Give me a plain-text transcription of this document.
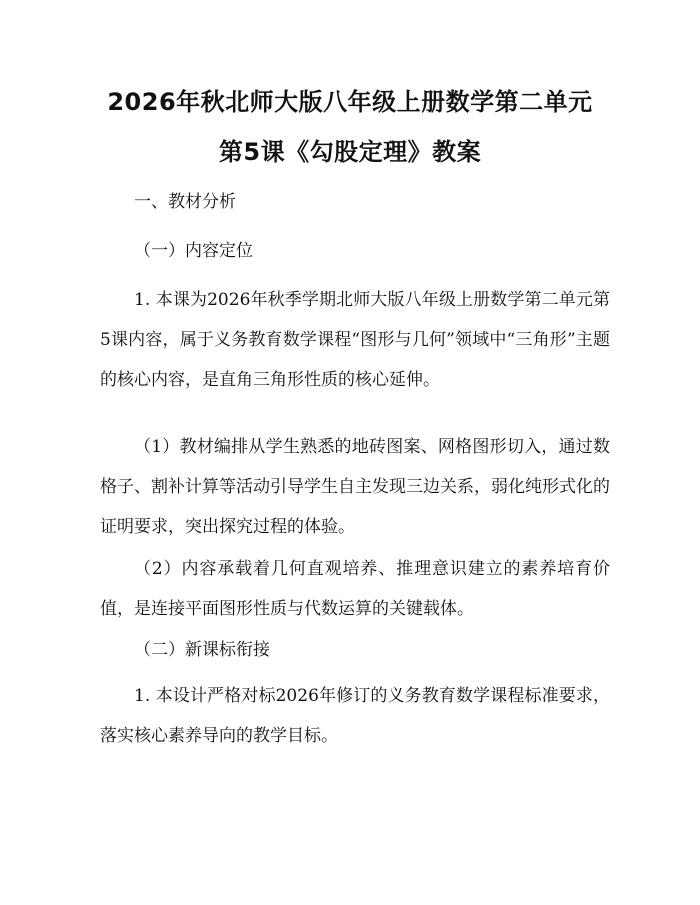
2026年秋北师大版八年级上册数学第二单元
第5课《勾股定理》教案
一、教材分析
（一）内容定位
1. 本课为2026年秋季学期北师大版八年级上册数学第二单元第5课内容，属于义务教育数学课程“图形与几何”领域中“三角形”主题的核心内容，是直角三角形性质的核心延伸。
（1）教材编排从学生熟悉的地砖图案、网格图形切入，通过数格子、割补计算等活动引导学生自主发现三边关系，弱化纯形式化的证明要求，突出探究过程的体验。
（2）内容承载着几何直观培养、推理意识建立的素养培育价值，是连接平面图形性质与代数运算的关键载体。
（二）新课标衔接
1. 本设计严格对标2026年修订的义务教育数学课程标准要求，落实核心素养导向的教学目标。
